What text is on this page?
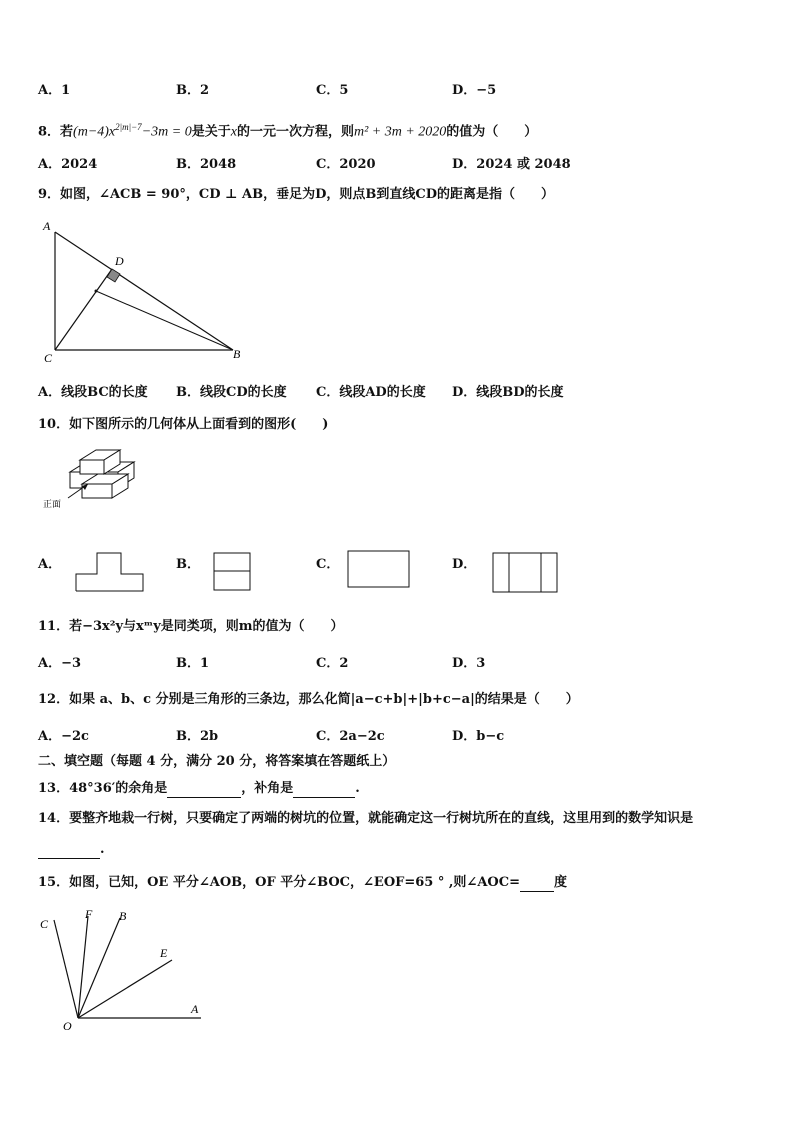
A．1	B．2	C．5	D．−5
8．若$(m-4)x^{2|m|-7}-3m = 0$是关于x的一元一次方程，则m² + 3m + 2020的值为（　　）
A．2024	B．2048	C．2020	D．2024 或 2048
9．如图，∠ACB = 90°，CD ⊥ AB，垂足为D，则点B到直线CD的距离是指（　　）
A
D
C	B
A．线段BC的长度 B．线段CD的长度 C．线段AD的长度 D．线段BD的长度
10．如下图所示的几何体从上面看到的图形(　　)
正面
A．	B．	C．	D．
11．若−3x²y与xᵐy是同类项，则m的值为（　　）
A．−3	B．1	C．2	D．3
12．如果 a、b、c 分别是三角形的三条边，那么化简|a−c+b|+|b+c−a|的结果是（　　）
A．−2c	B．2b	C．2a−2c	D．b−c
二、填空题（每题 4 分，满分 20 分，将答案填在答题纸上）
13．48°36′的余角是	，补角是	.
14．要整齐地栽一行树，只要确定了两端的树坑的位置，就能确定这一行树坑所在的直线，这里用到的数学知识是
.
15．如图，已知，OE 平分∠AOB，OF 平分∠BOC，∠EOF=65 ° ,则∠AOC=	度
O
A
E
B
F
C
